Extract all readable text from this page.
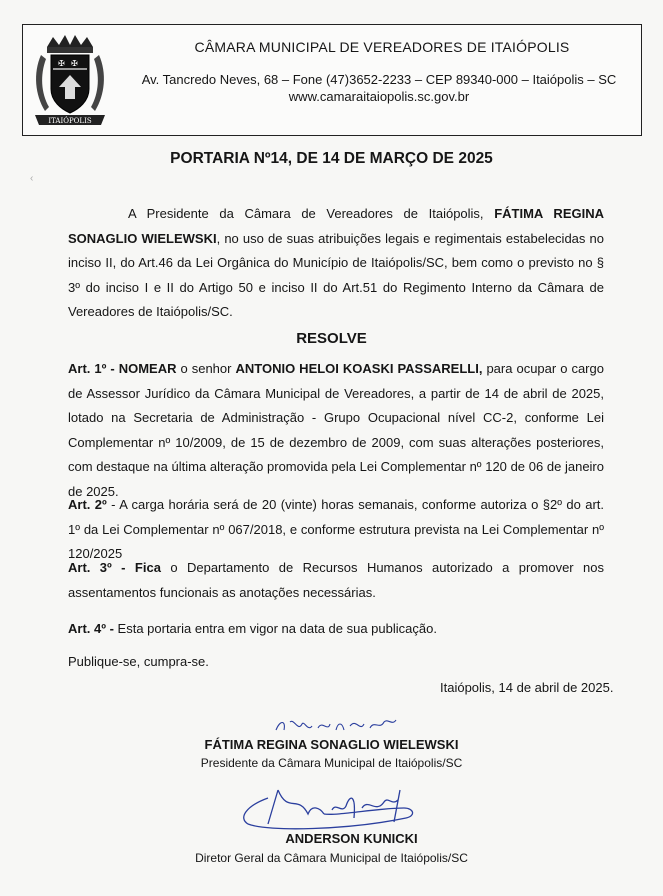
✠ ✠
ITAIÓPOLIS
CÂMARA MUNICIPAL DE VEREADORES DE ITAIÓPOLIS
Av. Tancredo Neves, 68 – Fone (47)3652-2233 – CEP 89340-000 – Itaiópolis – SC
www.camaraitaiopolis.sc.gov.br
‹
PORTARIA Nº14, DE 14 DE MARÇO DE 2025
A Presidente da Câmara de Vereadores de Itaiópolis, FÁTIMA REGINA SONAGLIO WIELEWSKI, no uso de suas atribuições legais e regimentais estabelecidas no inciso II, do Art.46 da Lei Orgânica do Município de Itaiópolis/SC, bem como o previsto no § 3º do inciso I e II do Artigo 50 e inciso II do Art.51 do Regimento Interno da Câmara de Vereadores de Itaiópolis/SC.
RESOLVE
Art. 1º - NOMEAR o senhor ANTONIO HELOI KOASKI PASSARELLI, para ocupar o cargo de Assessor Jurídico da Câmara Municipal de Vereadores, a partir de 14 de abril de 2025, lotado na Secretaria de Administração - Grupo Ocupacional nível CC-2, conforme Lei Complementar nº 10/2009, de 15 de dezembro de 2009, com suas alterações posteriores, com destaque na última alteração promovida pela Lei Complementar nº 120 de 06 de janeiro de 2025.
Art. 2º - A carga horária será de 20 (vinte) horas semanais, conforme autoriza o §2º do art. 1º da Lei Complementar nº 067/2018, e conforme estrutura prevista na Lei Complementar nº 120/2025
Art. 3º - Fica o Departamento de Recursos Humanos autorizado a promover nos assentamentos funcionais as anotações necessárias.
Art. 4º - Esta portaria entra em vigor na data de sua publicação.
Publique-se, cumpra-se.
Itaiópolis, 14 de abril de 2025.
FÁTIMA REGINA SONAGLIO WIELEWSKI
Presidente da Câmara Municipal de Itaiópolis/SC
ANDERSON KUNICKI
Diretor Geral da Câmara Municipal de Itaiópolis/SC
